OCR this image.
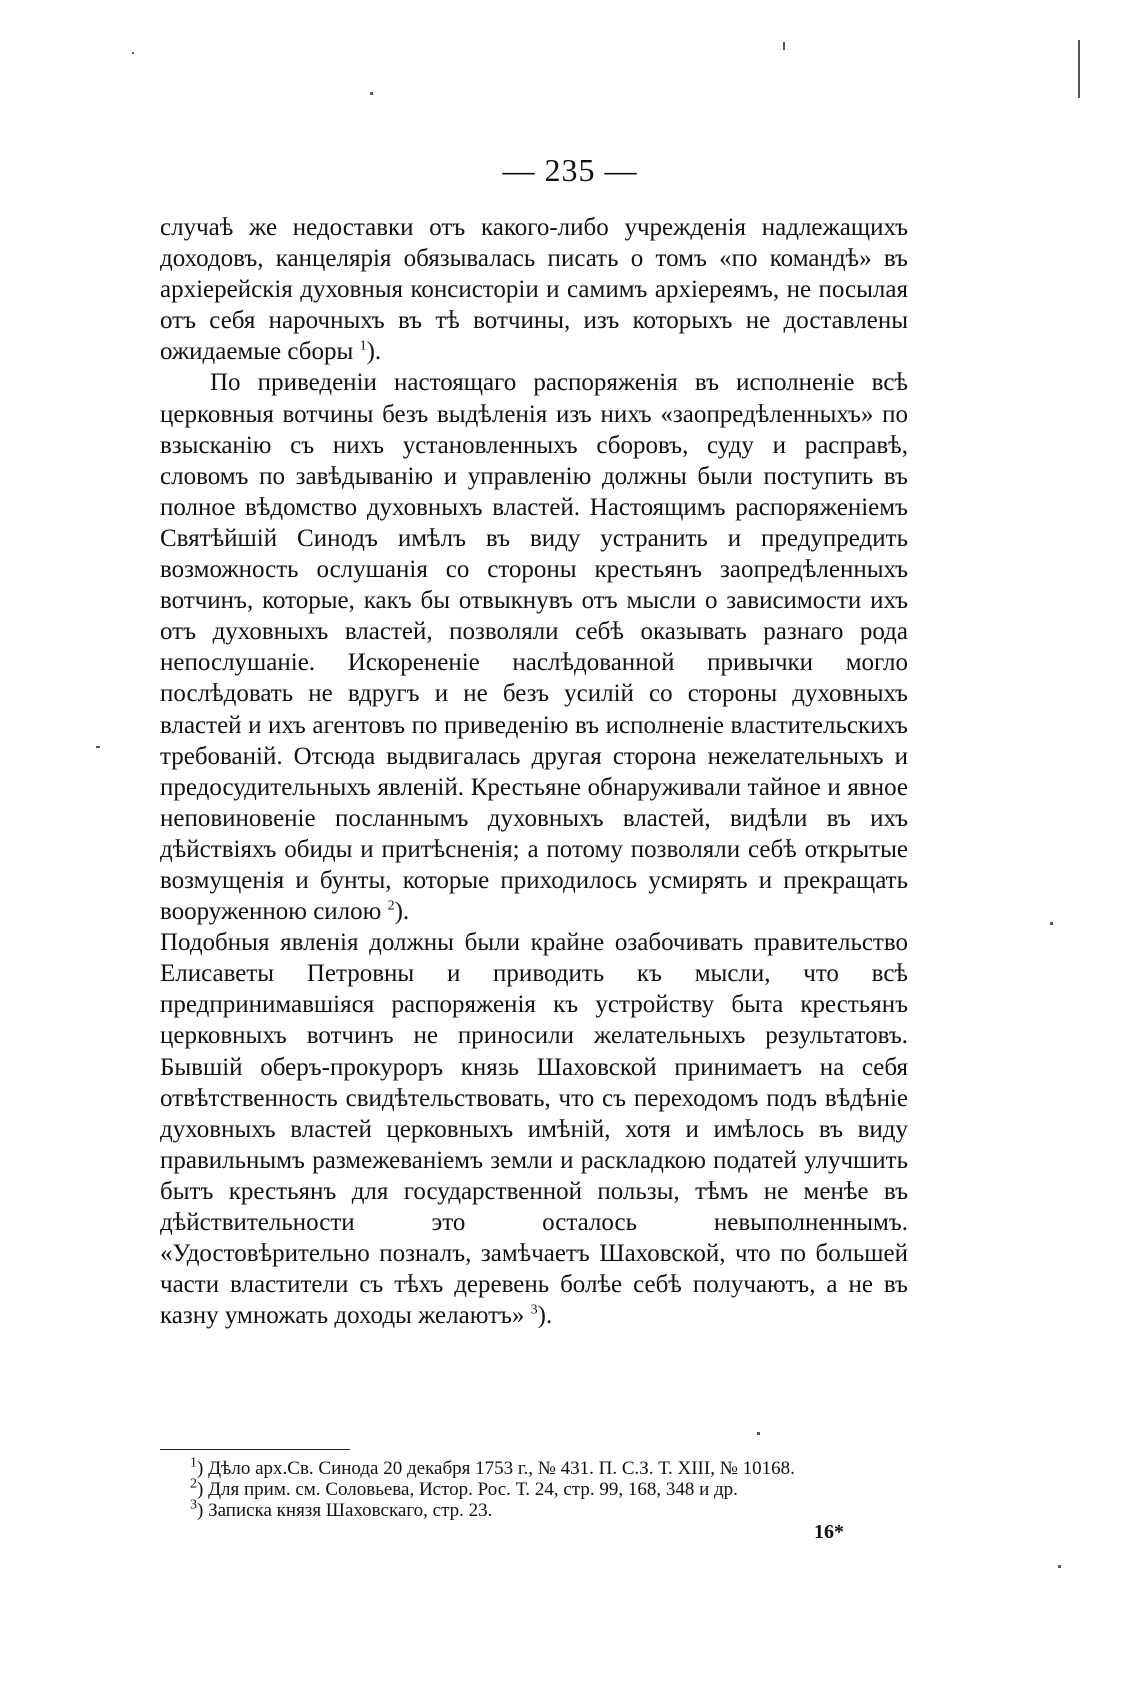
— 235 —

случаѣ же недоставки отъ какого-либо учрежденія надлежащихъ доходовъ, канцелярія обязывалась писать о томъ «по командѣ» въ архіерейскія духовныя консисторіи и самимъ архіереямъ, не посылая отъ себя нарочныхъ въ тѣ вотчины, изъ которыхъ не доставлены ожидаемые сборы $^1$).

По приведеніи настоящаго распоряженія въ исполненіе всѣ церковныя вотчины безъ выдѣленія изъ нихъ «заопредѣленныхъ» по взысканію съ нихъ установленныхъ сборовъ, суду и расправѣ, словомъ по завѣдыванію и управленію должны были поступить въ полное вѣдомство духовныхъ властей. Настоящимъ распоряженіемъ Святѣйшій Синодъ имѣлъ въ виду устранить и предупредить возможность ослушанія со стороны крестьянъ заопредѣленныхъ вотчинъ, которые, какъ бы отвыкнувъ отъ мысли о зависимости ихъ отъ духовныхъ властей, позволяли себѣ оказывать разнаго рода непослушаніе. Искорененіе наслѣдованной привычки могло послѣдовать не вдругъ и не безъ усилій со стороны духовныхъ властей и ихъ агентовъ по приведенію въ исполненіе властительскихъ требованій. Отсюда выдвигалась другая сторона нежелательныхъ и предосудительныхъ явленій. Крестьяне обнаруживали тайное и явное неповиновеніе посланнымъ духовныхъ властей, видѣли въ ихъ дѣйствіяхъ обиды и притѣсненія; а потому позволяли себѣ открытые возмущенія и бунты, которые приходилось усмирять и прекращать вооруженною силою $^2$).

Подобныя явленія должны были крайне озабочивать правительство Елисаветы Петровны и приводить къ мысли, что всѣ предпринимавшіяся распоряженія къ устройству быта крестьянъ церковныхъ вотчинъ не приносили желательныхъ результатовъ. Бывшій оберъ-прокуроръ князь Шаховской принимаетъ на себя отвѣтственность свидѣтельствовать, что съ переходомъ подъ вѣдѣніе духовныхъ властей церковныхъ имѣній, хотя и имѣлось въ виду правильнымъ размежеваніемъ земли и раскладкою податей улучшить бытъ крестьянъ для государственной пользы, тѣмъ не менѣе въ дѣйствительности это осталось невыполненнымъ. «Удостовѣрительно позналъ, замѣчаетъ Шаховской, что по большей части властители съ тѣхъ деревень болѣе себѣ получаютъ, а не въ казну умножать доходы желаютъ» $^3$).

$^1$) Дѣло арх.Св. Синода 20 декабря 1753 г., № 431. П. С.З. Т. XIII, № 10168.
$^2$) Для прим. см. Соловьева, Истор. Рос. Т. 24, стр. 99, 168, 348 и др.
$^3$) Записка князя Шаховскаго, стр. 23.
16*
